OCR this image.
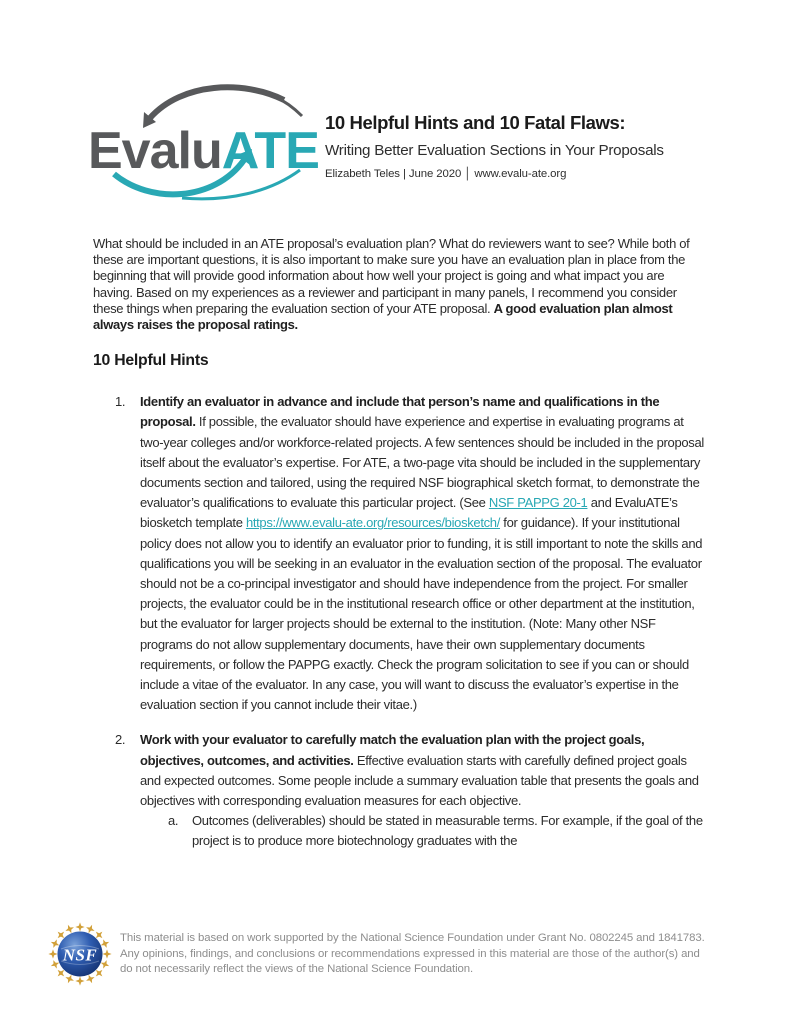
EvaluATE 10 Helpful Hints and 10 Fatal Flaws:
Writing Better Evaluation Sections in Your Proposals
Elizabeth Teles | June 2020 │ www.evalu-ate.org

What should be included in an ATE proposal’s evaluation plan? What do reviewers want to see? While both of these are important questions, it is also important to make sure you have an evaluation plan in place from the beginning that will provide good information about how well your project is going and what impact you are having. Based on my experiences as a reviewer and participant in many panels, I recommend you consider these things when preparing the evaluation section of your ATE proposal. A good evaluation plan almost always raises the proposal ratings.

10 Helpful Hints
1.	Identify an evaluator in advance and include that person’s name and qualifications in the proposal. If possible, the evaluator should have experience and expertise in evaluating programs at two-year colleges and/or workforce-related projects. A few sentences should be included in the proposal itself about the evaluator’s expertise. For ATE, a two-page vita should be included in the supplementary documents section and tailored, using the required NSF biographical sketch format, to demonstrate the evaluator’s qualifications to evaluate this particular project. (See NSF PAPPG 20-1 and EvaluATE’s biosketch template https://www.evalu-ate.org/resources/biosketch/ for guidance). If your institutional policy does not allow you to identify an evaluator prior to funding, it is still important to note the skills and qualifications you will be seeking in an evaluator in the evaluation section of the proposal. The evaluator should not be a co-principal investigator and should have independence from the project. For smaller projects, the evaluator could be in the institutional research office or other department at the institution, but the evaluator for larger projects should be external to the institution. (Note: Many other NSF programs do not allow supplementary documents, have their own supplementary documents requirements, or follow the PAPPG exactly. Check the program solicitation to see if you can or should include a vitae of the evaluator. In any case, you will want to discuss the evaluator’s expertise in the evaluation section if you cannot include their vitae.)
2.	Work with your evaluator to carefully match the evaluation plan with the project goals, objectives, outcomes, and activities. Effective evaluation starts with carefully defined project goals and expected outcomes. Some people include a summary evaluation table that presents the goals and objectives with corresponding evaluation measures for each objective.
a.	Outcomes (deliverables) should be stated in measurable terms. For example, if the goal of the project is to produce more biotechnology graduates with the
NSF

This material is based on work supported by the National Science Foundation under Grant No. 0802245 and 1841783. Any opinions, findings, and conclusions or recommendations expressed in this material are those of the author(s) and do not necessarily reflect the views of the National Science Foundation.
